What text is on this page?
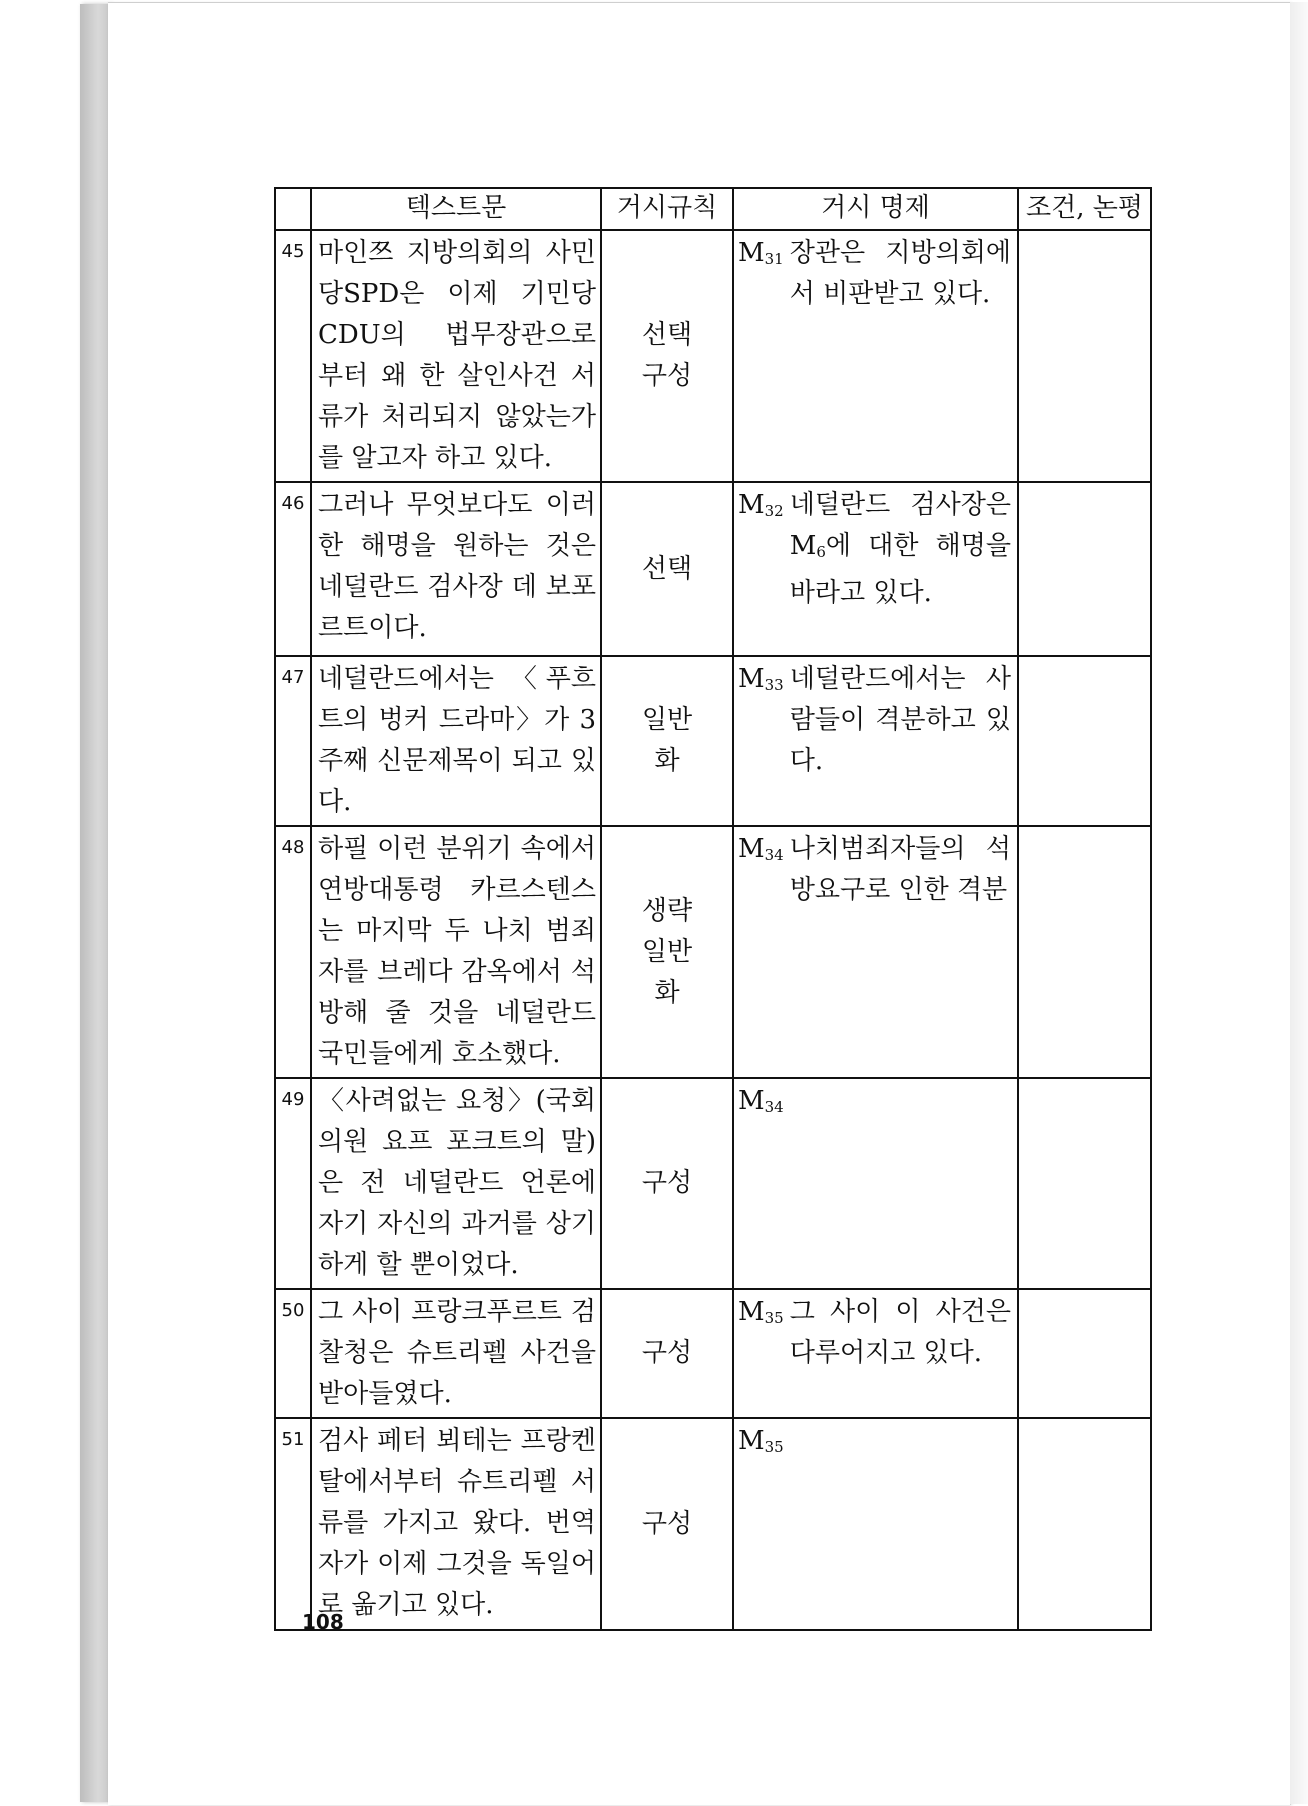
	텍스트문	거시규칙	거시 명제	조건, 논평
45	마인쯔 지방의회의 사민당SPD은 이제 기민당CDU의 법무장관으로 부터 왜 한 살인사건 서류가 처리되지 않았는가를 알고자 하고 있다.	선택 구성	$M_{31}$ 장관은 지방의회에서 비판받고 있다.	

46	그러나 무엇보다도 이러한 해명을 원하는 것은 네덜란드 검사장 데 보포르트이다.	선택	$M_{32}$ 네덜란드 검사장은 $M_6$에 대한 해명을 바라고 있다.	

47	네덜란드에서는 〈푸흐트의 벙커 드라마〉가 3주째 신문제목이 되고 있다.	일반화	$M_{33}$ 네덜란드에서는 사람들이 격분하고 있다.	

48	하필 이런 분위기 속에서 연방대통령 카르스텐스는 마지막 두 나치 범죄자를 브레다 감옥에서 석방해 줄 것을 네덜란드 국민들에게 호소했다.	생략 일반화	$M_{34}$ 나치범죄자들의 석방요구로 인한 격분	

49	〈사려없는 요청〉(국회의원 요프 포크트의 말)은 전 네덜란드 언론에 자기 자신의 과거를 상기하게 할 뿐이었다.	구성	$M_{34}$

50	그 사이 프랑크푸르트 검찰청은 슈트리펠 사건을 받아들였다.	구성	$M_{35}$ 그 사이 이 사건은 다루어지고 있다.	

51	검사 페터 뵈테는 프랑켄탈에서부터 슈트리펠 서류를 가지고 왔다. 번역자가 이제 그것을 독일어로 옮기고 있다.	구성	$M_{35}$

108
